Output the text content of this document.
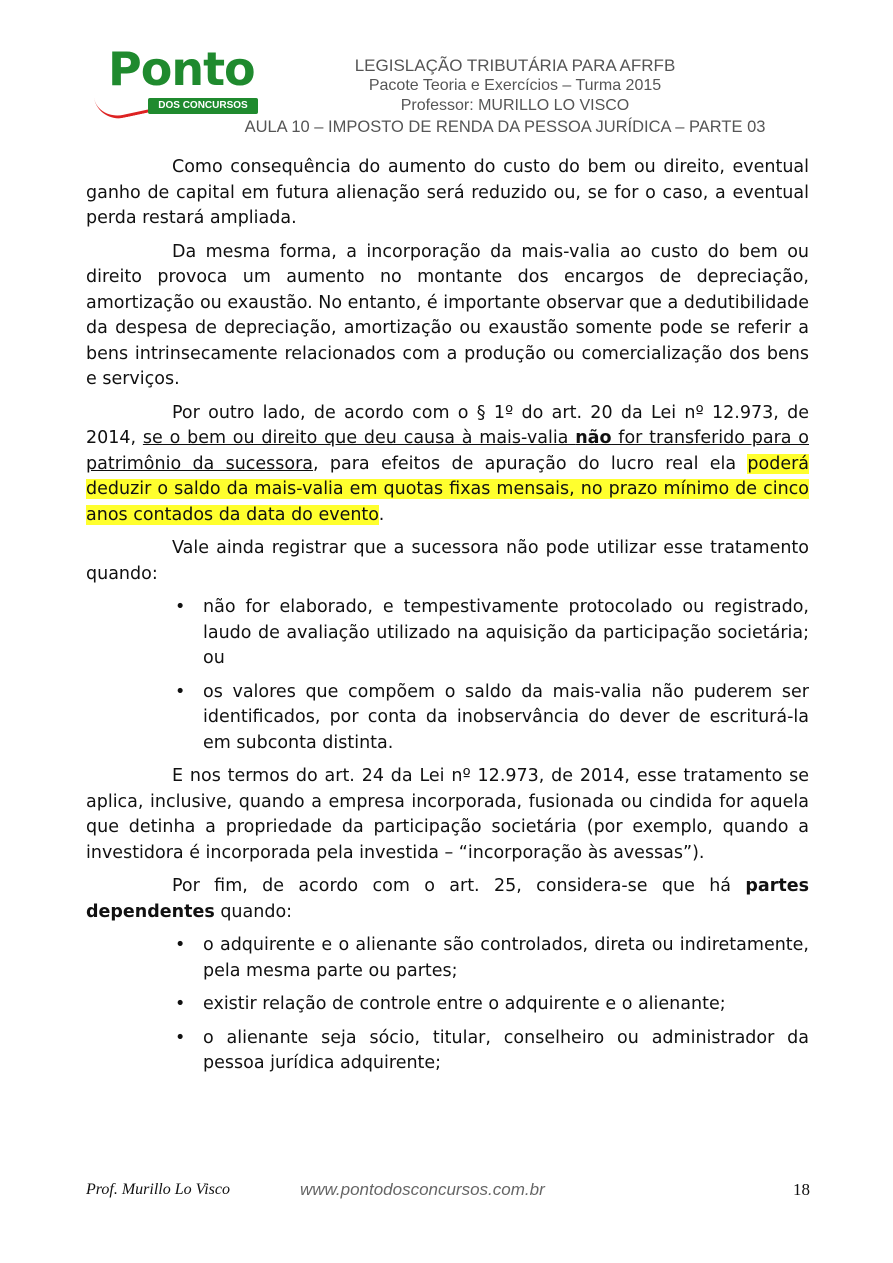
Ponto
DOS CONCURSOS
LEGISLAÇÃO TRIBUTÁRIA PARA AFRFB
Pacote Teoria e Exercícios – Turma 2015
Professor: MURILLO LO VISCO
AULA 10 – IMPOSTO DE RENDA DA PESSOA JURÍDICA – PARTE 03

Como consequência do aumento do custo do bem ou direito, eventual ganho de capital em futura alienação será reduzido ou, se for o caso, a eventual perda restará ampliada.

Da mesma forma, a incorporação da mais-valia ao custo do bem ou direito provoca um aumento no montante dos encargos de depreciação, amortização ou exaustão. No entanto, é importante observar que a dedutibilidade da despesa de depreciação, amortização ou exaustão somente pode se referir a bens intrinsecamente relacionados com a produção ou comercialização dos bens e serviços.

Por outro lado, de acordo com o § 1º do art. 20 da Lei nº 12.973, de 2014, se o bem ou direito que deu causa à mais-valia não for transferido para o patrimônio da sucessora, para efeitos de apuração do lucro real ela poderá deduzir o saldo da mais-valia em quotas fixas mensais, no prazo mínimo de cinco anos contados da data do evento.

Vale ainda registrar que a sucessora não pode utilizar esse tratamento quando:

• não for elaborado, e tempestivamente protocolado ou registrado, laudo de avaliação utilizado na aquisição da participação societária; ou
• os valores que compõem o saldo da mais-valia não puderem ser identificados, por conta da inobservância do dever de escriturá-la em subconta distinta.

E nos termos do art. 24 da Lei nº 12.973, de 2014, esse tratamento se aplica, inclusive, quando a empresa incorporada, fusionada ou cindida for aquela que detinha a propriedade da participação societária (por exemplo, quando a investidora é incorporada pela investida – “incorporação às avessas”).

Por fim, de acordo com o art. 25, considera-se que há partes dependentes quando:

• o adquirente e o alienante são controlados, direta ou indiretamente, pela mesma parte ou partes;
• existir relação de controle entre o adquirente e o alienante;
• o alienante seja sócio, titular, conselheiro ou administrador da pessoa jurídica adquirente;
Prof. Murillo Lo Visco	www.pontodosconcursos.com.br	18
